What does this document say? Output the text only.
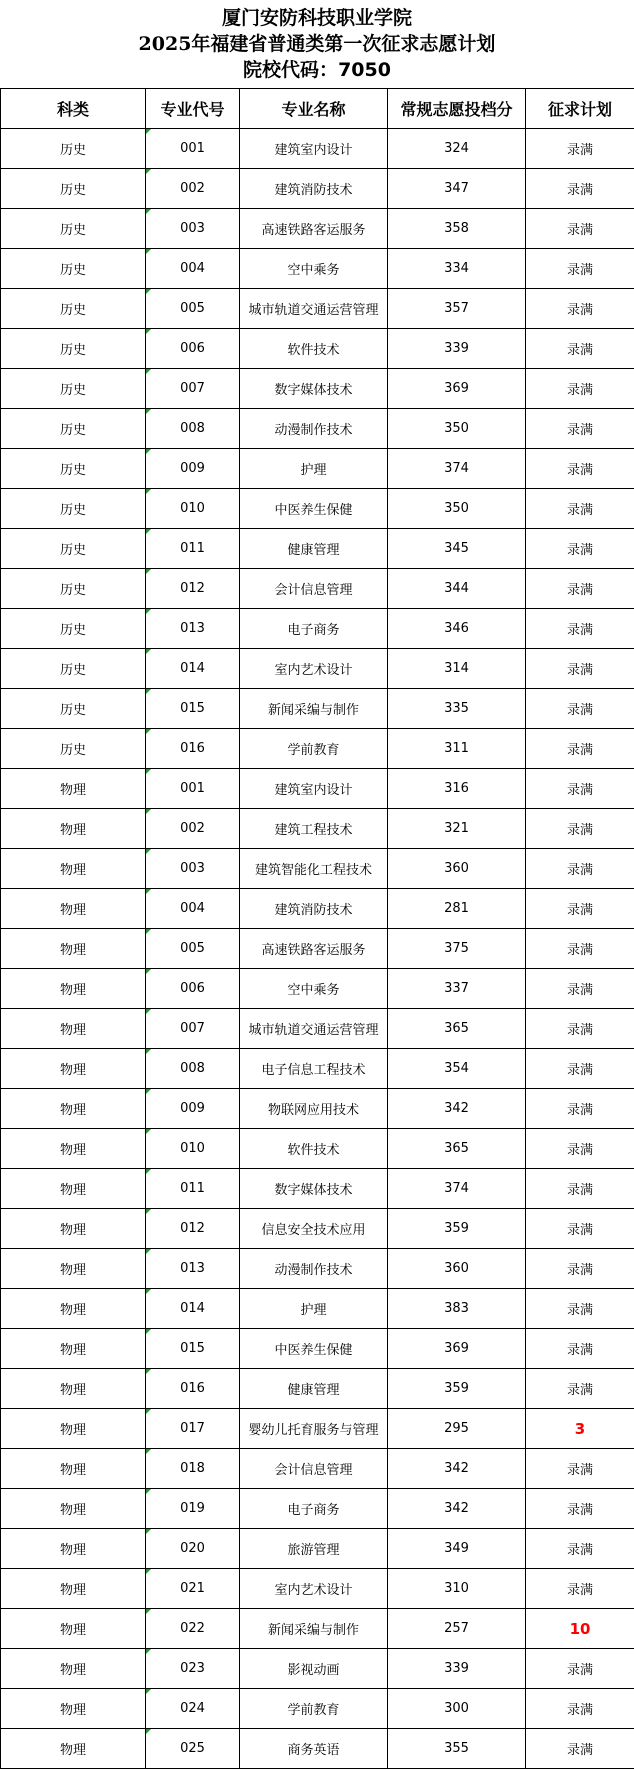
厦门安防科技职业学院
2025年福建省普通类第一次征求志愿计划
院校代码：7050
科类	专业代号	专业名称	常规志愿投档分	征求计划
历史	001	建筑室内设计	324	录满
历史	002	建筑消防技术	347	录满
历史	003	高速铁路客运服务	358	录满
历史	004	空中乘务	334	录满
历史	005	城市轨道交通运营管理	357	录满
历史	006	软件技术	339	录满
历史	007	数字媒体技术	369	录满
历史	008	动漫制作技术	350	录满
历史	009	护理	374	录满
历史	010	中医养生保健	350	录满
历史	011	健康管理	345	录满
历史	012	会计信息管理	344	录满
历史	013	电子商务	346	录满
历史	014	室内艺术设计	314	录满
历史	015	新闻采编与制作	335	录满
历史	016	学前教育	311	录满
物理	001	建筑室内设计	316	录满
物理	002	建筑工程技术	321	录满
物理	003	建筑智能化工程技术	360	录满
物理	004	建筑消防技术	281	录满
物理	005	高速铁路客运服务	375	录满
物理	006	空中乘务	337	录满
物理	007	城市轨道交通运营管理	365	录满
物理	008	电子信息工程技术	354	录满
物理	009	物联网应用技术	342	录满
物理	010	软件技术	365	录满
物理	011	数字媒体技术	374	录满
物理	012	信息安全技术应用	359	录满
物理	013	动漫制作技术	360	录满
物理	014	护理	383	录满
物理	015	中医养生保健	369	录满
物理	016	健康管理	359	录满
物理	017	婴幼儿托育服务与管理	295	3
物理	018	会计信息管理	342	录满
物理	019	电子商务	342	录满
物理	020	旅游管理	349	录满
物理	021	室内艺术设计	310	录满
物理	022	新闻采编与制作	257	10
物理	023	影视动画	339	录满
物理	024	学前教育	300	录满
物理	025	商务英语	355	录满
